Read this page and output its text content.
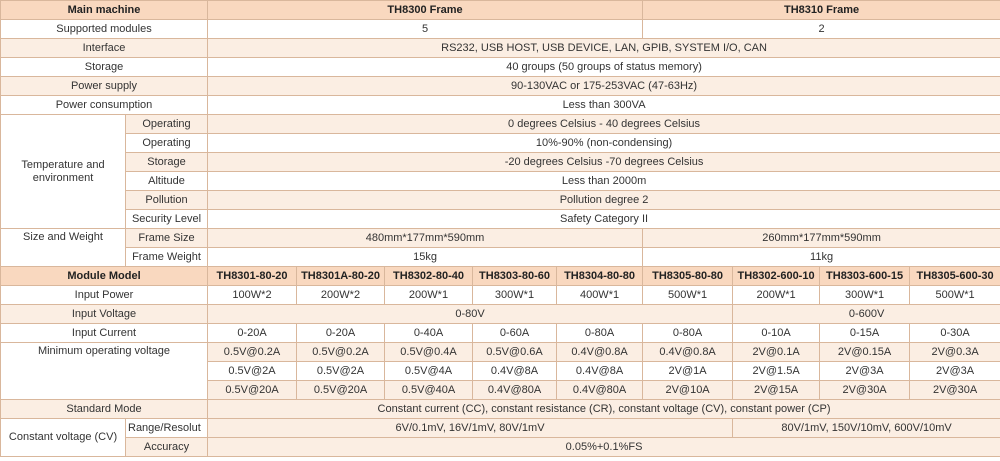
Main machine		TH8300 Frame					TH8310 Frame			
Supported modules		5					2			
Interface		RS232, USB HOST, USB DEVICE, LAN, GPIB, SYSTEM I/O, CAN								
Storage		40 groups (50 groups of status memory)								
Power supply		90-130VAC or 175-253VAC (47-63Hz)								
Power consumption		Less than 300VA								
Temperature and environment	Operating	0 degrees Celsius - 40 degrees Celsius								
	Operating	10%-90% (non-condensing)								
	Storage	-20 degrees Celsius -70 degrees Celsius								
	Altitude	Less than 2000m								
	Pollution	Pollution degree 2								
	Security Level	Safety Category II								
Size and Weight	Frame Size	480mm*177mm*590mm					260mm*177mm*590mm			
	Frame Weight	15kg					11kg			
Module Model		TH8301-80-20	TH8301A-80-20	TH8302-80-40	TH8303-80-60	TH8304-80-80	TH8305-80-80	TH8302-600-10	TH8303-600-15	TH8305-600-30
Input Power		100W*2	200W*2	200W*1	300W*1	400W*1	500W*1	200W*1	300W*1	500W*1
Input Voltage		0-80V						0-600V		
Input Current		0-20A	0-20A	0-40A	0-60A	0-80A	0-80A	0-10A	0-15A	0-30A
Minimum operating voltage		0.5V@0.2A	0.5V@0.2A	0.5V@0.4A	0.5V@0.6A	0.4V@0.8A	0.4V@0.8A	2V@0.1A	2V@0.15A	2V@0.3A
		0.5V@2A	0.5V@2A	0.5V@4A	0.4V@8A	0.4V@8A	2V@1A	2V@1.5A	2V@3A	2V@3A
		0.5V@20A	0.5V@20A	0.5V@40A	0.4V@80A	0.4V@80A	2V@10A	2V@15A	2V@30A	2V@30A
Standard Mode		Constant current (CC), constant resistance (CR), constant voltage (CV), constant power (CP)								
Constant voltage (CV)	Range/Resolut	6V/0.1mV, 16V/1mV, 80V/1mV						80V/1mV, 150V/10mV, 600V/10mV		
	Accuracy	0.05%+0.1%FS								
